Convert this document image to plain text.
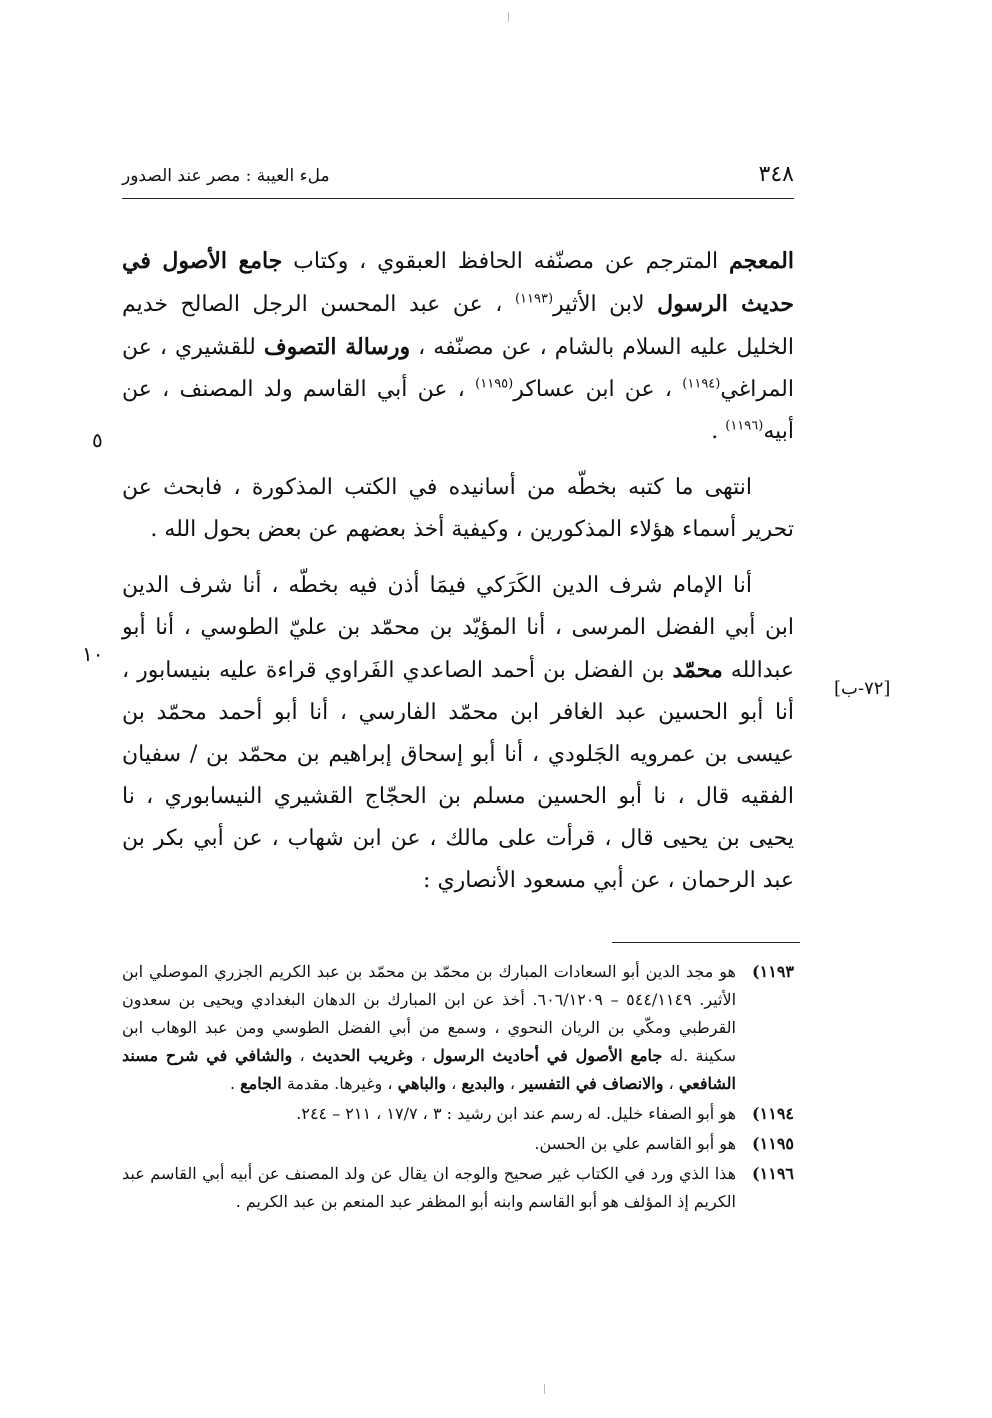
٣٤٨
ملء العيبة : مصر عند الصدور

المعجم المترجم عن مصنّفه الحافظ العبقوي ، وكتاب جامع الأصول في حديث الرسول لابن الأثير$^{(١١٩٣)}$ ، عن عبد المحسن الرجل الصالح خديم الخليل عليه السلام بالشام ، عن مصنّفه ، ورسالة التصوف للقشيري ، عن المراغي$^{(١١٩٤)}$ ، عن ابن عساكر$^{(١١٩٥)}$ ، عن أبي القاسم ولد المصنف ، عن أبيه$^{(١١٩٦)}$ .

انتهى ما كتبه بخطّه من أسانيده في الكتب المذكورة ، فابحث عن تحرير أسماء هؤلاء المذكورين ، وكيفية أخذ بعضهم عن بعض بحول الله .

أنا الإمام شرف الدين الكَرَكي فيمَا أذن فيه بخطّه ، أنا شرف الدين ابن أبي الفضل المرسى ، أنا المؤيّد بن محمّد بن عليّ الطوسي ، أنا أبو عبدالله محمّد بن الفضل بن أحمد الصاعدي الفَراوي قراءة عليه بنيسابور ، أنا أبو الحسين عبد الغافر ابن محمّد الفارسي ، أنا أبو أحمد محمّد بن عيسى بن عمرويه الجَلودي ، أنا أبو إسحاق إبراهيم بن محمّد بن / سفيان الفقيه قال ، نا أبو الحسين مسلم بن الحجّاج القشيري النيسابوري ، نا يحيى بن يحيى قال ، قرأت على مالك ، عن ابن شهاب ، عن أبي بكر بن عبد الرحمان ، عن أبي مسعود الأنصاري :

٥
١٠
[٧٢-ب]
١١٩٣)
هو مجد الدين أبو السعادات المبارك بن محمّد بن محمّد بن عبد الكريم الجزري الموصلي ابن الأثير. ٥٤٤/١١٤٩ – ٦٠٦/١٢٠٩. أخذ عن ابن المبارك بن الدهان البغدادي ويحيى بن سعدون القرطبي ومكّي بن الريان النحوي ، وسمع من أبي الفضل الطوسي ومن عبد الوهاب ابن سكينة .له جامع الأصول في أحاديث الرسول ، وغريب الحديث ، والشافي في شرح مسند الشافعي ، والانصاف في التفسير ، والبديع ، والباهي ، وغيرها. مقدمة الجامع .
١١٩٤)
هو أبو الصفاء خليل. له رسم عند ابن رشيد : ٣ ، ١٧/٧ ، ٢١١ – ٢٤٤.
١١٩٥)
هو أبو القاسم علي بن الحسن.
١١٩٦)
هذا الذي ورد في الكتاب غير صحيح والوجه ان يقال عن ولد المصنف عن أبيه أبي القاسم عبد الكريم إذ المؤلف هو أبو القاسم وابنه أبو المظفر عبد المنعم بن عبد الكريم .
